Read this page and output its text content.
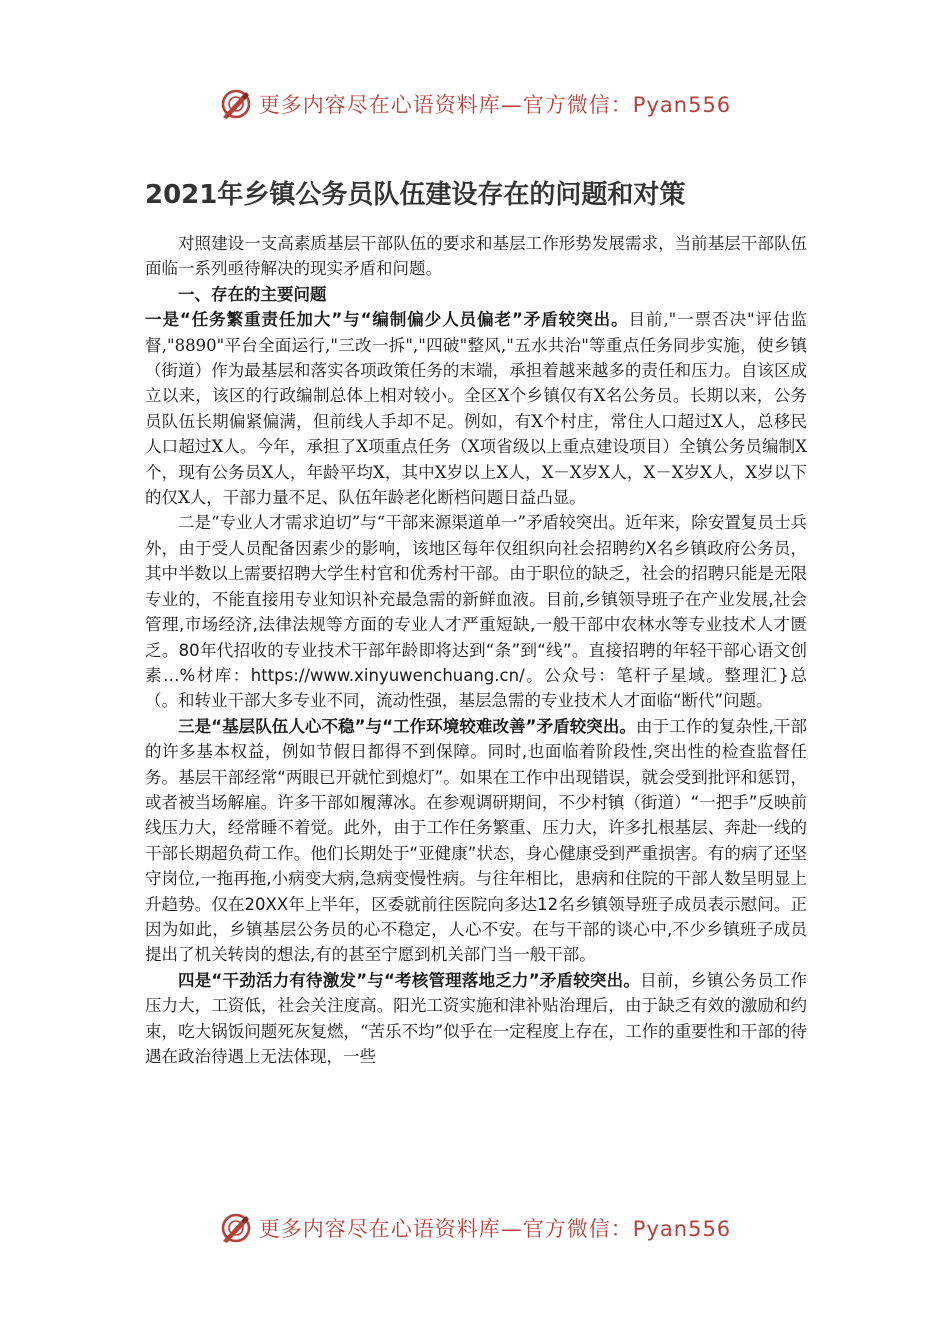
更多内容尽在心语资料库—官方微信：Pyan556
2021年乡镇公务员队伍建设存在的问题和对策

对照建设一支高素质基层干部队伍的要求和基层工作形势发展需求，当前基层干部队伍面临一系列亟待解决的现实矛盾和问题。

一、存在的主要问题

一是“任务繁重责任加大”与“编制偏少人员偏老”矛盾较突出。目前,"一票否决"评估监督,"8890"平台全面运行,"三改一拆","四破"整风,"五水共治"等重点任务同步实施，使乡镇（街道）作为最基层和落实各项政策任务的末端，承担着越来越多的责任和压力。自该区成立以来，该区的行政编制总体上相对较小。全区X个乡镇仅有X名公务员。长期以来，公务员队伍长期偏紧偏满，但前线人手却不足。例如，有X个村庄，常住人口超过X人，总移民人口超过X人。今年，承担了X项重点任务（X项省级以上重点建设项目）全镇公务员编制X个，现有公务员X人，年龄平均X，其中X岁以上X人，X－X岁X人，X－X岁X人，X岁以下的仅X人，干部力量不足、队伍年龄老化断档问题日益凸显。

二是“专业人才需求迫切”与“干部来源渠道单一”矛盾较突出。近年来，除安置复员士兵外，由于受人员配备因素少的影响，该地区每年仅组织向社会招聘约X名乡镇政府公务员，其中半数以上需要招聘大学生村官和优秀村干部。由于职位的缺乏，社会的招聘只能是无限专业的，不能直接用专业知识补充最急需的新鲜血液。目前,乡镇领导班子在产业发展,社会管理,市场经济,法律法规等方面的专业人才严重短缺,一般干部中农林水等专业技术人才匮乏。80年代招收的专业技术干部年龄即将达到“条”到“线”。直接招聘的年轻干部心语文创素…%材库：https://www.xinyuwenchuang.cn/。公众号：笔杆子星域。整理汇}总（。和转业干部大多专业不同，流动性强，基层急需的专业技术人才面临“断代”问题。

三是“基层队伍人心不稳”与“工作环境较难改善”矛盾较突出。由于工作的复杂性,干部的许多基本权益，例如节假日都得不到保障。同时,也面临着阶段性,突出性的检查监督任务。基层干部经常“两眼已开就忙到熄灯”。如果在工作中出现错误，就会受到批评和惩罚，或者被当场解雇。许多干部如履薄冰。在参观调研期间，不少村镇（街道）“一把手”反映前线压力大，经常睡不着觉。此外，由于工作任务繁重、压力大，许多扎根基层、奔赴一线的干部长期超负荷工作。他们长期处于“亚健康”状态，身心健康受到严重损害。有的病了还坚守岗位,一拖再拖,小病变大病,急病变慢性病。与往年相比，患病和住院的干部人数呈明显上升趋势。仅在20XX年上半年，区委就前往医院向多达12名乡镇领导班子成员表示慰问。正因为如此，乡镇基层公务员的心不稳定，人心不安。在与干部的谈心中,不少乡镇班子成员提出了机关转岗的想法,有的甚至宁愿到机关部门当一般干部。

四是“干劲活力有待激发”与“考核管理落地乏力”矛盾较突出。目前，乡镇公务员工作压力大，工资低，社会关注度高。阳光工资实施和津补贴治理后，由于缺乏有效的激励和约束，吃大锅饭问题死灰复燃，“苦乐不均”似乎在一定程度上存在，工作的重要性和干部的待遇在政治待遇上无法体现，一些

更多内容尽在心语资料库—官方微信：Pyan556
